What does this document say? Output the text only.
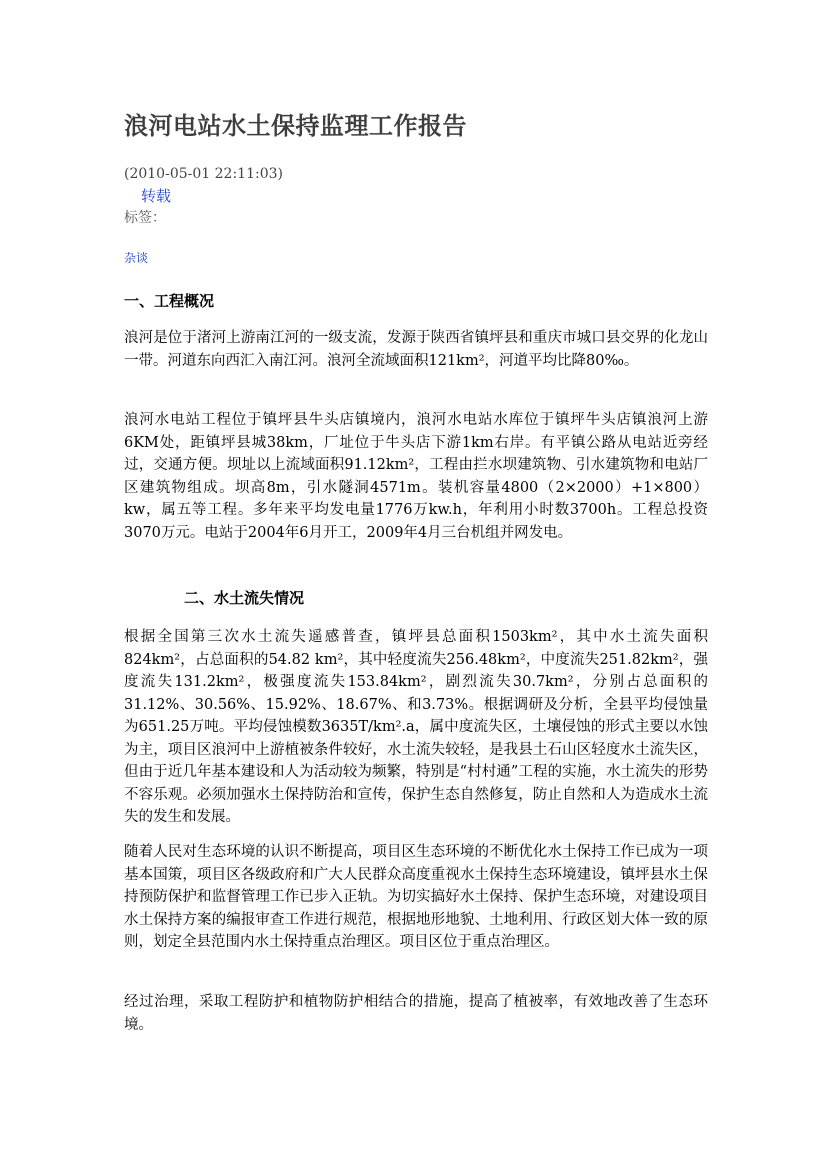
浪河电站水土保持监理工作报告
(2010-05-01 22:11:03)
转载
标签：
杂谈
一、工程概况
浪河是位于渚河上游南江河的一级支流，发源于陕西省镇坪县和重庆市城口县交界的化龙山一带。河道东向西汇入南江河。浪河全流域面积121km²，河道平均比降80‰。
浪河水电站工程位于镇坪县牛头店镇境内，浪河水电站水库位于镇坪牛头店镇浪河上游6KM处，距镇坪县城38km，厂址位于牛头店下游1km右岸。有平镇公路从电站近旁经过，交通方便。坝址以上流域面积91.12km²，工程由拦水坝建筑物、引水建筑物和电站厂区建筑物组成。坝高8m，引水隧洞4571m。装机容量4800（2×2000）+1×800）kw，属五等工程。多年来平均发电量1776万kw.h，年利用小时数3700h。工程总投资3070万元。电站于2004年6月开工，2009年4月三台机组并网发电。
二、水土流失情况
根据全国第三次水土流失遥感普查，镇坪县总面积1503km²，其中水土流失面积824km²，占总面积的54.82 km²，其中轻度流失256.48km²，中度流失251.82km²，强度流失131.2km²，极强度流失153.84km²，剧烈流失30.7km²，分别占总面积的31.12%、30.56%、15.92%、18.67%、和3.73%。根据调研及分析，全县平均侵蚀量为651.25万吨。平均侵蚀模数3635T/km².a，属中度流失区，土壤侵蚀的形式主要以水蚀为主，项目区浪河中上游植被条件较好，水土流失较轻，是我县土石山区轻度水土流失区，但由于近几年基本建设和人为活动较为频繁，特别是“村村通”工程的实施，水土流失的形势不容乐观。必须加强水土保持防治和宣传，保护生态自然修复，防止自然和人为造成水土流失的发生和发展。
随着人民对生态环境的认识不断提高，项目区生态环境的不断优化水土保持工作已成为一项基本国策，项目区各级政府和广大人民群众高度重视水土保持生态环境建设，镇坪县水土保持预防保护和监督管理工作已步入正轨。为切实搞好水土保持、保护生态环境，对建设项目水土保持方案的编报审查工作进行规范，根据地形地貌、土地利用、行政区划大体一致的原则，划定全县范围内水土保持重点治理区。项目区位于重点治理区。
经过治理，采取工程防护和植物防护相结合的措施，提高了植被率，有效地改善了生态环境。
